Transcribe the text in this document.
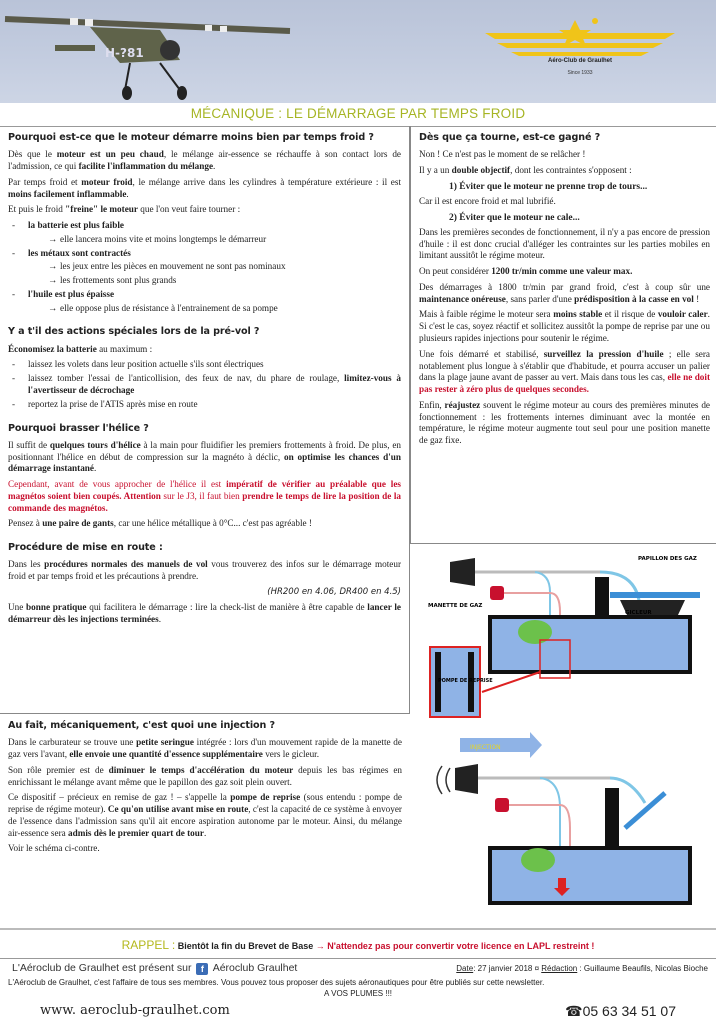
H-?81
Aéro-Club de Graulhet
Since 1933
MÉCANIQUE : LE DÉMARRAGE PAR TEMPS FROID
Pourquoi est-ce que le moteur démarre moins bien par temps froid ?

Dès que le moteur est un peu chaud, le mélange air-essence se réchauffe à son contact lors de l'admission, ce qui facilite l'inflammation du mélange.

Par temps froid et moteur froid, le mélange arrive dans les cylindres à température extérieure : il est moins facilement inflammable.

Et puis le froid "freine" le moteur que l'on veut faire tourner :

- la batterie est plus faible
→ elle lancera moins vite et moins longtemps le démarreur
- les métaux sont contractés
→ les jeux entre les pièces en mouvement ne sont pas nominaux
→ les frottements sont plus grands
- l'huile est plus épaisse
→ elle oppose plus de résistance à l'entrainement de sa pompe
Y a t'il des actions spéciales lors de la pré-vol ?

Économisez la batterie au maximum :

- laissez les volets dans leur position actuelle s'ils sont électriques
- laissez tomber l'essai de l'anticollision, des feux de nav, du phare de roulage, limitez-vous à l'avertisseur de décrochage
- reportez la prise de l'ATIS après mise en route
Pourquoi brasser l'hélice ?

Il suffit de quelques tours d'hélice à la main pour fluidifier les premiers frottements à froid. De plus, en positionnant l'hélice en début de compression sur la magnéto à déclic, on optimise les chances d'un démarrage instantané.

Cependant, avant de vous approcher de l'hélice il est impératif de vérifier au préalable que les magnétos soient bien coupés. Attention sur le J3, il faut bien prendre le temps de lire la position de la commande des magnétos.

Pensez à une paire de gants, car une hélice métallique à 0°C... c'est pas agréable !

Procédure de mise en route :

Dans les procédures normales des manuels de vol vous trouverez des infos sur le démarrage moteur froid et par temps froid et les précautions à prendre.

(HR200 en 4.06, DR400 en 4.5)

Une bonne pratique qui facilitera le démarrage : lire la check-list de manière à être capable de lancer le démarreur dès les injections terminées.

Au fait, mécaniquement, c'est quoi une injection ?

Dans le carburateur se trouve une petite seringue intégrée : lors d'un mouvement rapide de la manette de gaz vers l'avant, elle envoie une quantité d'essence supplémentaire vers le gicleur.

Son rôle premier est de diminuer le temps d'accélération du moteur depuis les bas régimes en enrichissant le mélange avant même que le papillon des gaz soit plein ouvert.

Ce dispositif – précieux en remise de gaz ! – s'appelle la pompe de reprise (sous entendu : pompe de reprise de régime moteur). Ce qu'on utilise avant mise en route, c'est la capacité de ce système à envoyer de l'essence dans l'admission sans qu'il ait encore aspiration autonome par le moteur. Ainsi, du mélange air-essence sera admis dès le premier quart de tour.

Voir le schéma ci-contre.

Dès que ça tourne, est-ce gagné ?

Non ! Ce n'est pas le moment de se relâcher !

Il y a un double objectif, dont les contraintes s'opposent :

1) Éviter que le moteur ne prenne trop de tours...

Car il est encore froid et mal lubrifié.

2) Éviter que le moteur ne cale...

Dans les premières secondes de fonctionnement, il n'y a pas encore de pression d'huile : il est donc crucial d'alléger les contraintes sur les parties mobiles en limitant aussitôt le régime moteur.

On peut considérer 1200 tr/min comme une valeur max.

Des démarrages à 1800 tr/min par grand froid, c'est à coup sûr une maintenance onéreuse, sans parler d'une prédisposition à la casse en vol !

Mais à faible régime le moteur sera moins stable et il risque de vouloir caler. Si c'est le cas, soyez réactif et sollicitez aussitôt la pompe de reprise par une ou plusieurs rapides injections pour soutenir le régime.

Une fois démarré et stabilisé, surveillez la pression d'huile ; elle sera notablement plus longue à s'établir que d'habitude, et pourra accuser un palier dans la plage jaune avant de passer au vert. Mais dans tous les cas, elle ne doit pas rester à zéro plus de quelques secondes.

Enfin, réajustez souvent le régime moteur au cours des premières minutes de fonctionnement : les frottements internes diminuant avec la montée en température, le régime moteur augmente tout seul pour une position manette de gaz fixe.

MANETTE DE GAZ
PAPILLON DES GAZ
GICLEUR
POMPE DE REPRISE
INJECTION
RAPPEL : Bientôt la fin du Brevet de Base → N'attendez pas pour convertir votre licence en LAPL restreint !
L'Aéroclub de Graulhet est présent sur f Aéroclub Graulhet	Date: 27 janvier 2018 ¤ Rédaction : Guillaume Beaufils, Nicolas Bioche
L'Aéroclub de Graulhet, c'est l'affaire de tous ses membres. Vous pouvez tous proposer des sujets aéronautiques pour être publiés sur cette newsletter.
A VOS PLUMES !!!
www. aeroclub-graulhet.com	☎05 63 34 51 07
